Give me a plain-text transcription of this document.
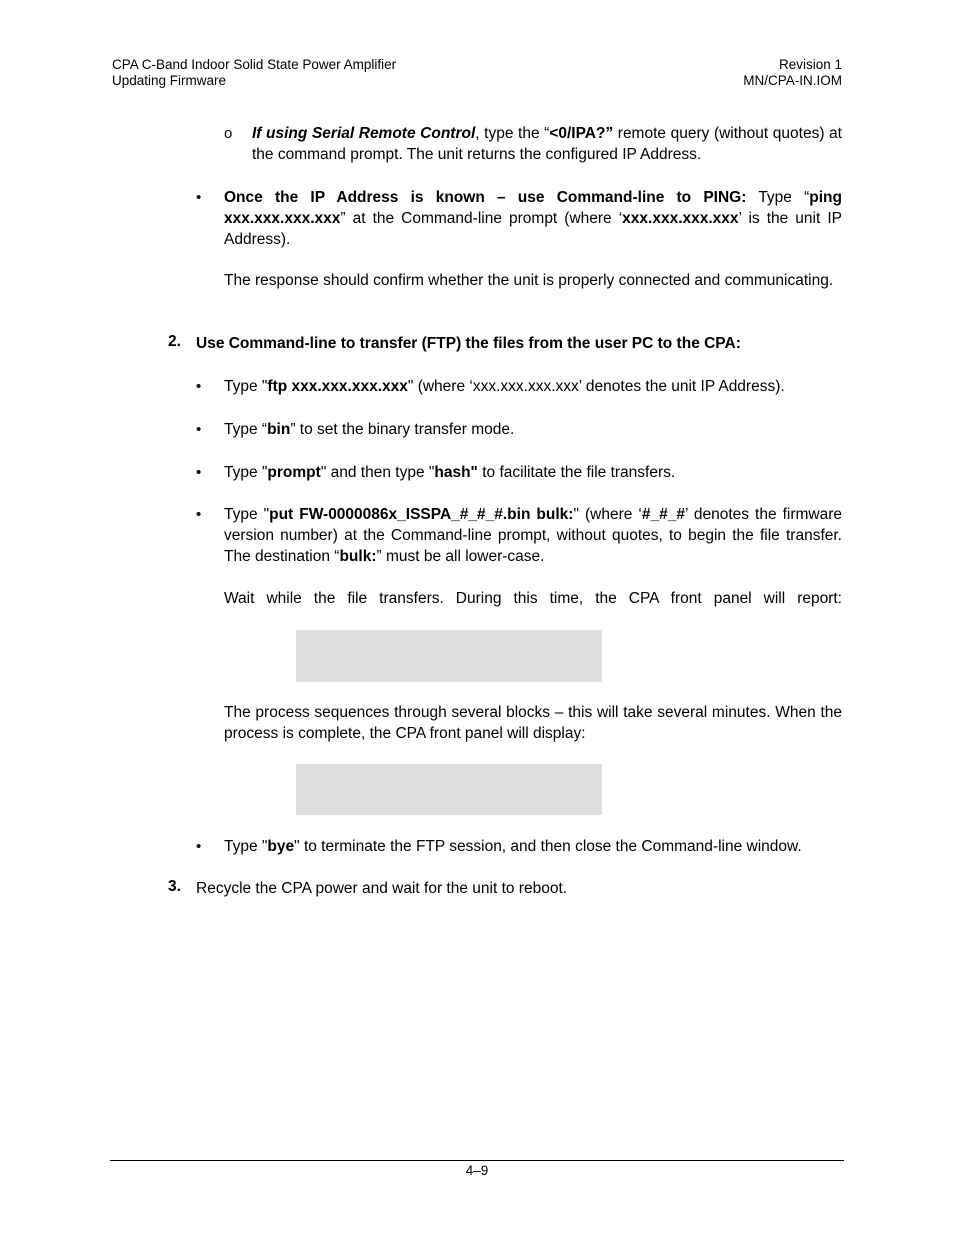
CPA C-Band Indoor Solid State Power Amplifier
Updating Firmware
Revision 1
MN/CPA-IN.IOM
o If using Serial Remote Control, type the “<0/IPA?” remote query (without quotes) at the command prompt. The unit returns the configured IP Address.
• Once the IP Address is known – use Command-line to PING: Type “ping xxx.xxx.xxx.xxx” at the Command-line prompt (where ‘xxx.xxx.xxx.xxx’ is the unit IP Address).
The response should confirm whether the unit is properly connected and communicating.
2. Use Command-line to transfer (FTP) the files from the user PC to the CPA:
• Type "ftp xxx.xxx.xxx.xxx" (where ‘xxx.xxx.xxx.xxx’ denotes the unit IP Address).
• Type “bin” to set the binary transfer mode.
• Type "prompt" and then type "hash" to facilitate the file transfers.
• Type "put FW-0000086x_ISSPA_#_#_#.bin bulk:" (where ‘#_#_#’ denotes the firmware version number) at the Command-line prompt, without quotes, to begin the file transfer. The destination “bulk:” must be all lower-case.
Wait while the file transfers. During this time, the CPA front panel will report:
The process sequences through several blocks – this will take several minutes. When the process is complete, the CPA front panel will display:
• Type "bye" to terminate the FTP session, and then close the Command-line window.
3. Recycle the CPA power and wait for the unit to reboot.
4–9
